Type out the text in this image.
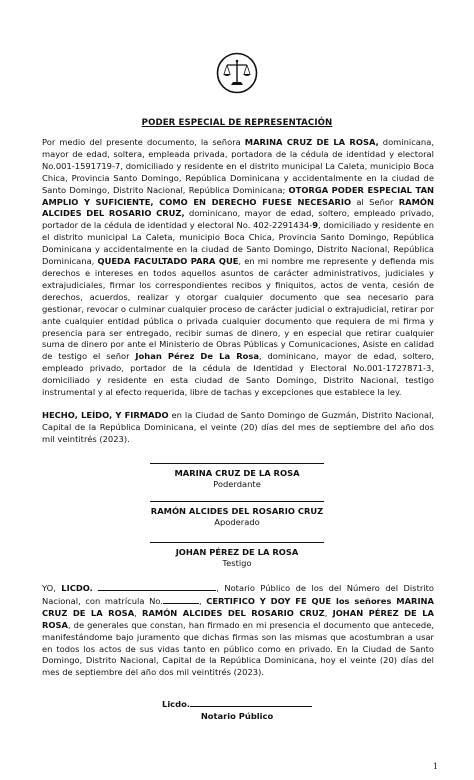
PODER ESPECIAL DE REPRESENTACIÓN

Por medio del presente documento, la señora MARINA CRUZ DE LA ROSA, dominicana, mayor de edad, soltera, empleada privada, portadora de la cédula de identidad y electoral No.001-1591719-7, domiciliado y residente en el distrito municipal La Caleta, municipio Boca Chica, Provincia Santo Domingo, República Dominicana y accidentalmente en la ciudad de Santo Domingo, Distrito Nacional, República Dominicana; OTORGA PODER ESPECIAL TAN AMPLIO Y SUFICIENTE, COMO EN DERECHO FUESE NECESARIO al Señor RAMÓN ALCIDES DEL ROSARIO CRUZ, dominicano, mayor de edad, soltero, empleado privado, portador de la cédula de identidad y electoral No. 402-2291434-9, domiciliado y residente en el distrito municipal La Caleta, municipio Boca Chica, Provincia Santo Domingo, República Dominicana y accidentalmente en la ciudad de Santo Domingo, Distrito Nacional, República Dominicana, QUEDA FACULTADO PARA QUE, en mi nombre me represente y defienda mis derechos e intereses en todos aquellos asuntos de carácter administrativos, judiciales y extrajudiciales, firmar los correspondientes recibos y finiquitos, actos de venta, cesión de derechos, acuerdos, realizar y otorgar cualquier documento que sea necesario para gestionar, revocar o culminar cualquier proceso de carácter judicial o extrajudicial, retirar por ante cualquier entidad pública o privada cualquier documento que requiera de mi firma y presencia para ser entregado, recibir sumas de dinero, y en especial que retirar cualquier suma de dinero por ante el Ministerio de Obras Públicas y Comunicaciones, Asiste en calidad de testigo el señor Johan Pérez De La Rosa, dominicano, mayor de edad, soltero, empleado privado, portador de la cédula de Identidad y Electoral No.001-1727871-3, domiciliado y residente en esta ciudad de Santo Domingo, Distrito Nacional, testigo instrumental y al efecto requerida, libre de tachas y excepciones que establece la ley.

HECHO, LEÍDO, Y FIRMADO en la Ciudad de Santo Domingo de Guzmán, Distrito Nacional, Capital de la República Dominicana, el veinte (20) días del mes de septiembre del año dos mil veintitrés (2023).

MARINA CRUZ DE LA ROSA
Poderdante

RAMÓN ALCIDES DEL ROSARIO CRUZ
Apoderado

JOHAN PÉREZ DE LA ROSA
Testigo

YO, LICDO.	, Notario Público de los del Número del Distrito Nacional, con matrícula No.	, CERTIFICO Y DOY FE QUE los señores MARINA CRUZ DE LA ROSA, RAMÓN ALCIDES DEL ROSARIO CRUZ, JOHAN PÉREZ DE LA ROSA, de generales que constan, han firmado en mi presencia el documento que antecede, manifestándome bajo juramento que dichas firmas son las mismas que acostumbran a usar en todos los actos de sus vidas tanto en público como en privado. En la Ciudad de Santo Domingo, Distrito Nacional, Capital de la República Dominicana, hoy el veinte (20) días del mes de septiembre del año dos mil veintitrés (2023).

Licdo.
Notario Público
1
